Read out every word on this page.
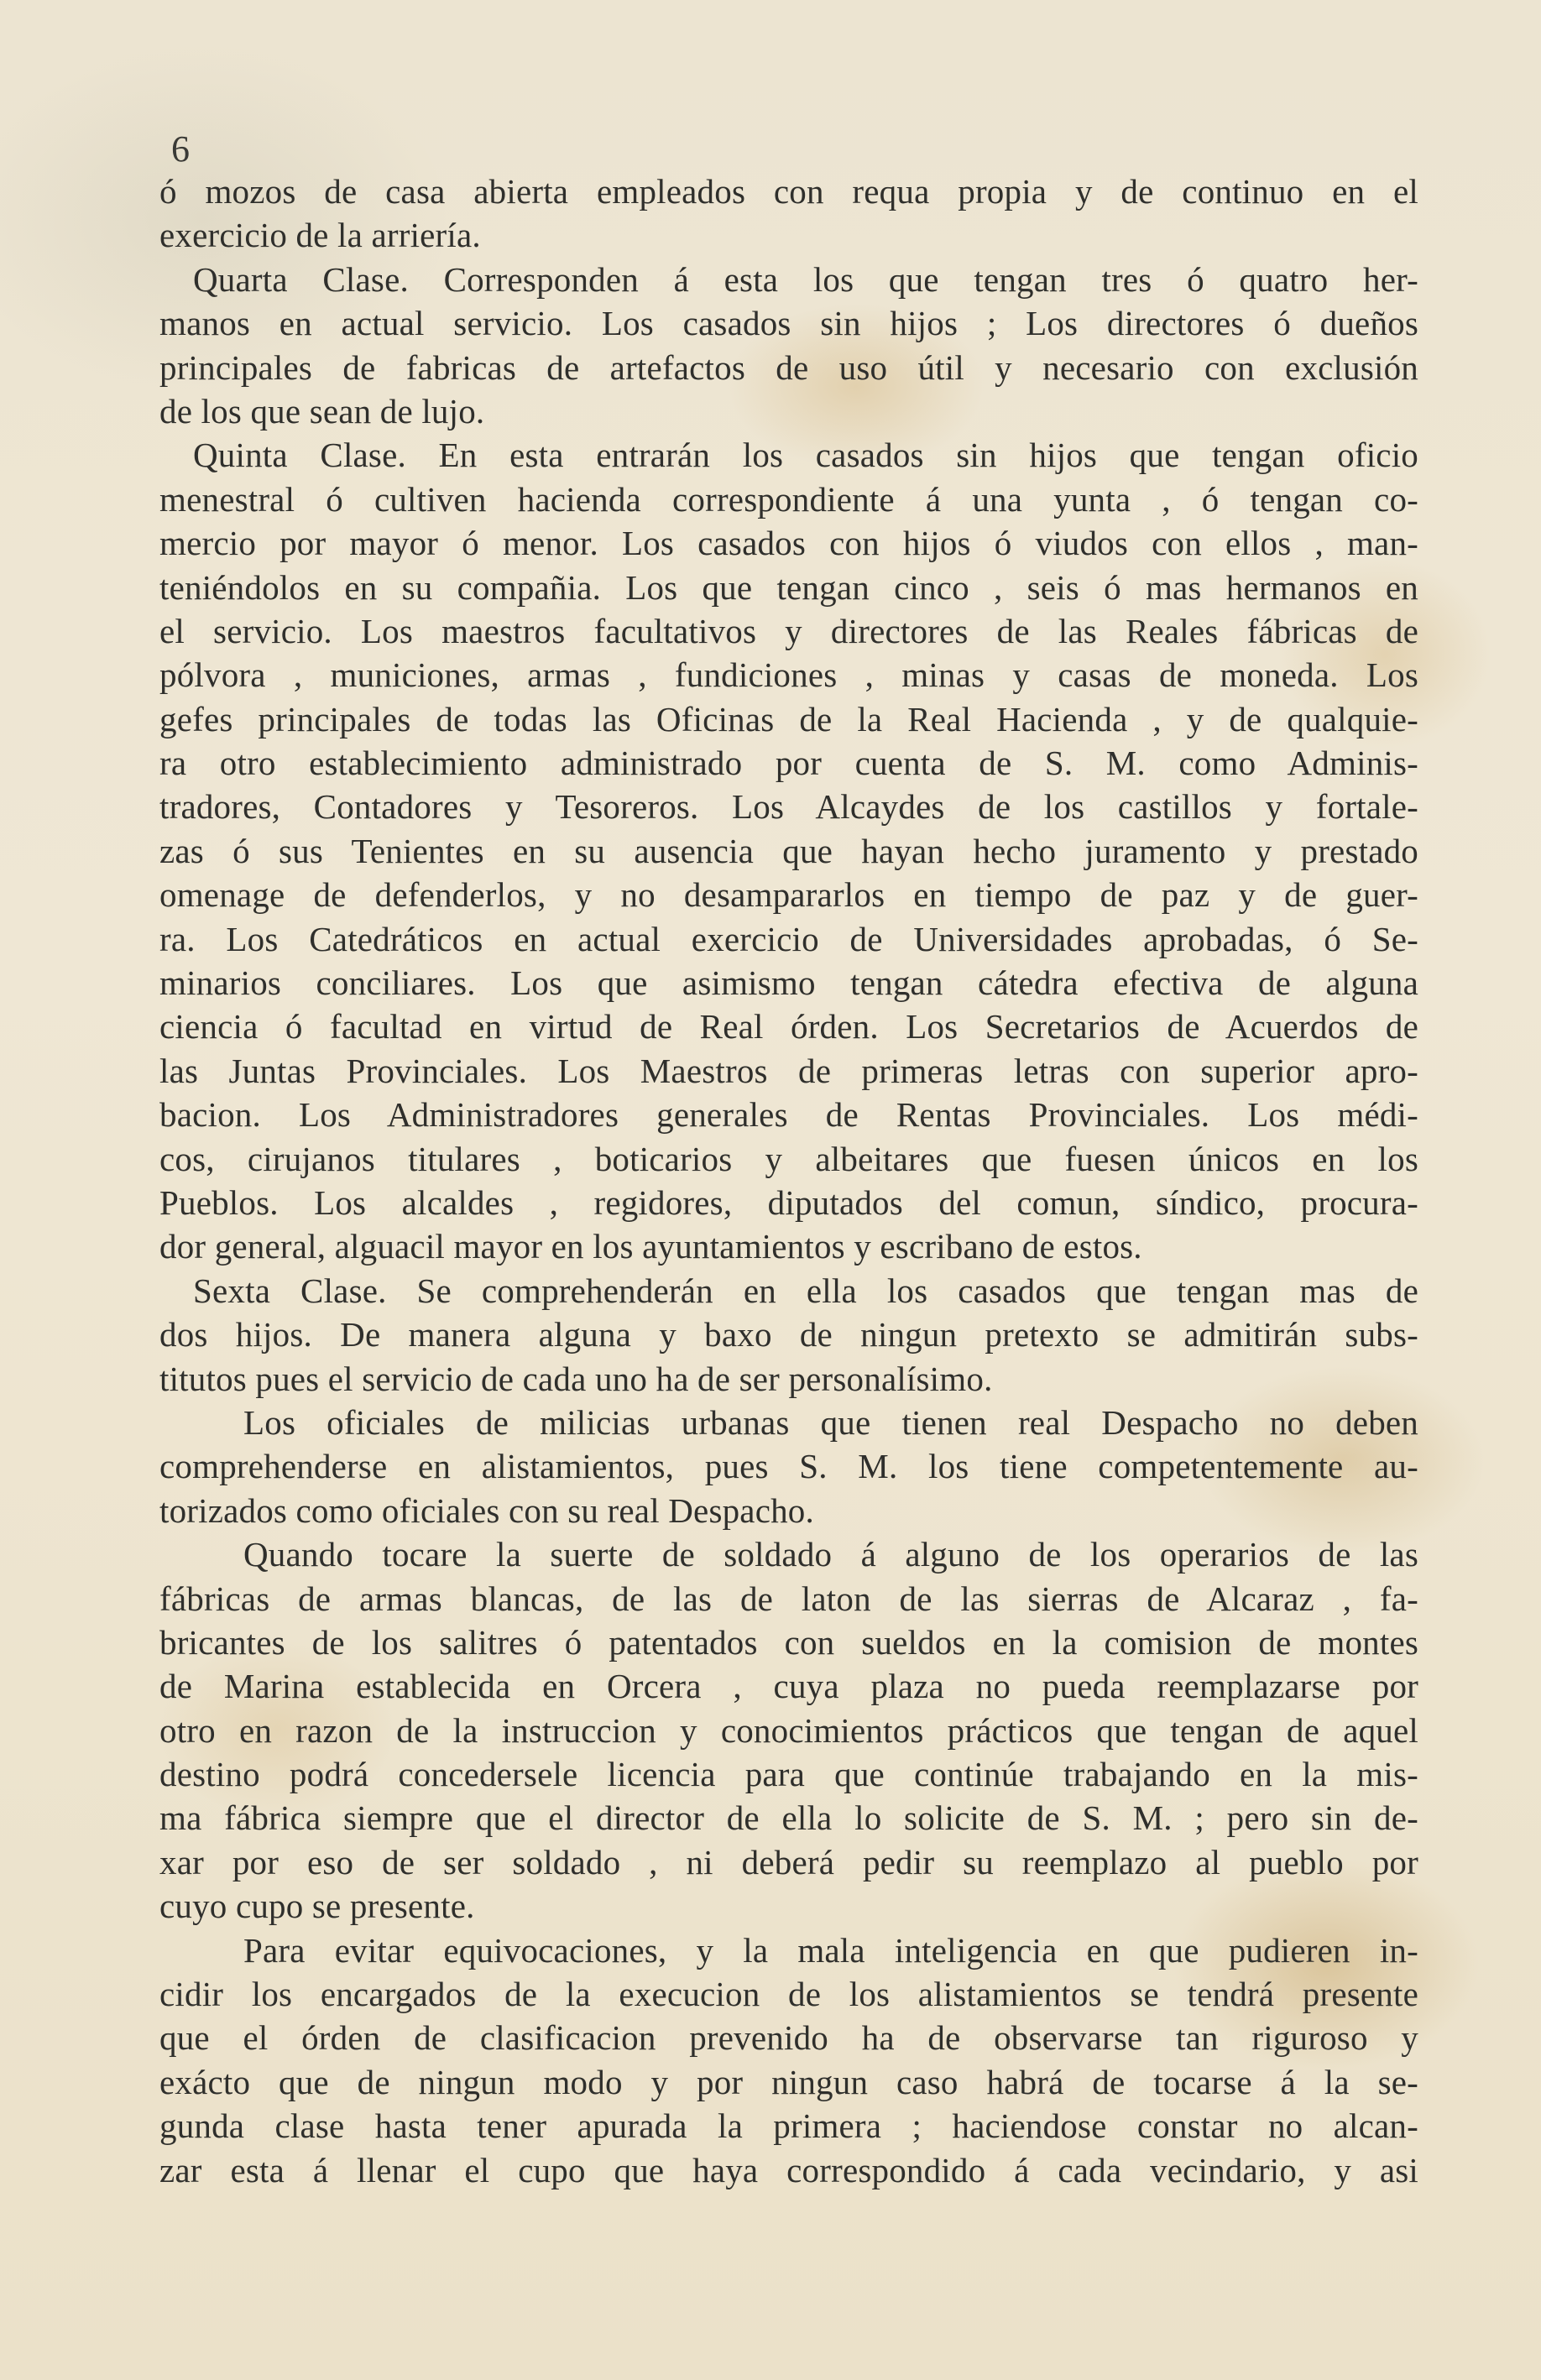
6
ó mozos de casa abierta empleados con requa propia y de continuo en el
exercicio de la arriería.
Quarta Clase. Corresponden á esta los que tengan tres ó quatro her-
manos en actual servicio. Los casados sin hijos ; Los directores ó dueños
principales de fabricas de artefactos de uso útil y necesario con exclusión
de los que sean de lujo.
Quinta Clase. En esta entrarán los casados sin hijos que tengan oficio
menestral ó cultiven hacienda correspondiente á una yunta , ó tengan co-
mercio por mayor ó menor. Los casados con hijos ó viudos con ellos , man-
teniéndolos en su compañia. Los que tengan cinco , seis ó mas hermanos en
el servicio. Los maestros facultativos y directores de las Reales fábricas de
pólvora , municiones, armas , fundiciones , minas y casas de moneda. Los
gefes principales de todas las Oficinas de la Real Hacienda , y de qualquie-
ra otro establecimiento administrado por cuenta de S. M. como Adminis-
tradores, Contadores y Tesoreros. Los Alcaydes de los castillos y fortale-
zas ó sus Tenientes en su ausencia que hayan hecho juramento y prestado
omenage de defenderlos, y no desampararlos en tiempo de paz y de guer-
ra. Los Catedráticos en actual exercicio de Universidades aprobadas, ó Se-
minarios conciliares. Los que asimismo tengan cátedra efectiva de alguna
ciencia ó facultad en virtud de Real órden. Los Secretarios de Acuerdos de
las Juntas Provinciales. Los Maestros de primeras letras con superior apro-
bacion. Los Administradores generales de Rentas Provinciales. Los médi-
cos, cirujanos titulares , boticarios y albeitares que fuesen únicos en los
Pueblos. Los alcaldes , regidores, diputados del comun, síndico, procura-
dor general, alguacil mayor en los ayuntamientos y escribano de estos.
Sexta Clase. Se comprehenderán en ella los casados que tengan mas de
dos hijos. De manera alguna y baxo de ningun pretexto se admitirán subs-
titutos pues el servicio de cada uno ha de ser personalísimo.
Los oficiales de milicias urbanas que tienen real Despacho no deben
comprehenderse en alistamientos, pues S. M. los tiene competentemente au-
torizados como oficiales con su real Despacho.
Quando tocare la suerte de soldado á alguno de los operarios de las
fábricas de armas blancas, de las de laton de las sierras de Alcaraz , fa-
bricantes de los salitres ó patentados con sueldos en la comision de montes
de Marina establecida en Orcera , cuya plaza no pueda reemplazarse por
otro en razon de la instruccion y conocimientos prácticos que tengan de aquel
destino podrá concedersele licencia para que continúe trabajando en la mis-
ma fábrica siempre que el director de ella lo solicite de S. M. ; pero sin de-
xar por eso de ser soldado , ni deberá pedir su reemplazo al pueblo por
cuyo cupo se presente.
Para evitar equivocaciones, y la mala inteligencia en que pudieren in-
cidir los encargados de la execucion de los alistamientos se tendrá presente
que el órden de clasificacion prevenido ha de observarse tan riguroso y
exácto que de ningun modo y por ningun caso habrá de tocarse á la se-
gunda clase hasta tener apurada la primera ; haciendose constar no alcan-
zar esta á llenar el cupo que haya correspondido á cada vecindario, y asi
